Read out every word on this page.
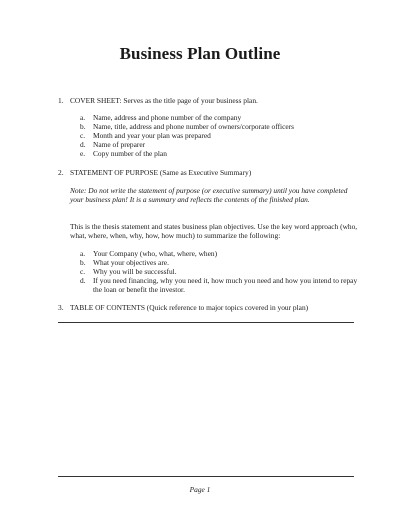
Business Plan Outline
1. COVER SHEET: Serves as the title page of your business plan.
a. Name, address and phone number of the company
b. Name, title, address and phone number of owners/corporate officers
c. Month and year your plan was prepared
d. Name of preparer
e. Copy number of the plan
2. STATEMENT OF PURPOSE (Same as Executive Summary)

Note: Do not write the statement of purpose (or executive summary) until you have completed your business plan! It is a summary and reflects the contents of the finished plan.

This is the thesis statement and states business plan objectives. Use the key word approach (who, what, where, when, why, how, how much) to summarize the following:

a. Your Company (who, what, where, when)
b. What your objectives are.
c. Why you will be successful.
d. If you need financing, why you need it, how much you need and how you intend to repay the loan or benefit the investor.
3. TABLE OF CONTENTS (Quick reference to major topics covered in your plan)
Page 1
